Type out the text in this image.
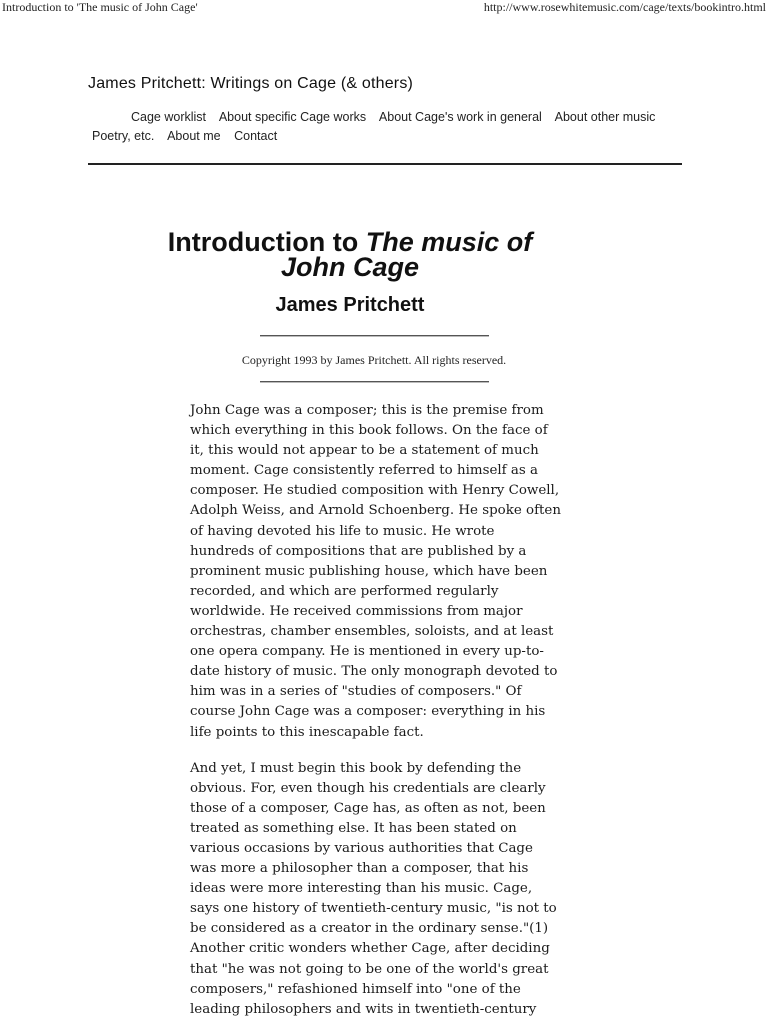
Introduction to 'The music of John Cage'	http://www.rosewhitemusic.com/cage/texts/bookintro.html
James Pritchett: Writings on Cage (& others)
Cage worklist About specific Cage works About Cage's work in general About other music
Poetry, etc. About me Contact
Introduction to The music of John Cage
James Pritchett
Copyright 1993 by James Pritchett. All rights reserved.

John Cage was a composer; this is the premise from which everything in this book follows. On the face of it, this would not appear to be a statement of much moment. Cage consistently referred to himself as a composer. He studied composition with Henry Cowell, Adolph Weiss, and Arnold Schoenberg. He spoke often of having devoted his life to music. He wrote hundreds of compositions that are published by a prominent music publishing house, which have been recorded, and which are performed regularly worldwide. He received commissions from major orchestras, chamber ensembles, soloists, and at least one opera company. He is mentioned in every up-to-date history of music. The only monograph devoted to him was in a series of "studies of composers." Of course John Cage was a composer: everything in his life points to this inescapable fact.

And yet, I must begin this book by defending the obvious. For, even though his credentials are clearly those of a composer, Cage has, as often as not, been treated as something else. It has been stated on various occasions by various authorities that Cage was more a philosopher than a composer, that his ideas were more interesting than his music. Cage, says one history of twentieth-century music, "is not to be considered as a creator in the ordinary sense."(1) Another critic wonders whether Cage, after deciding that "he was not going to be one of the world's great composers," refashioned himself into "one of the leading philosophers and wits in twentieth-century
